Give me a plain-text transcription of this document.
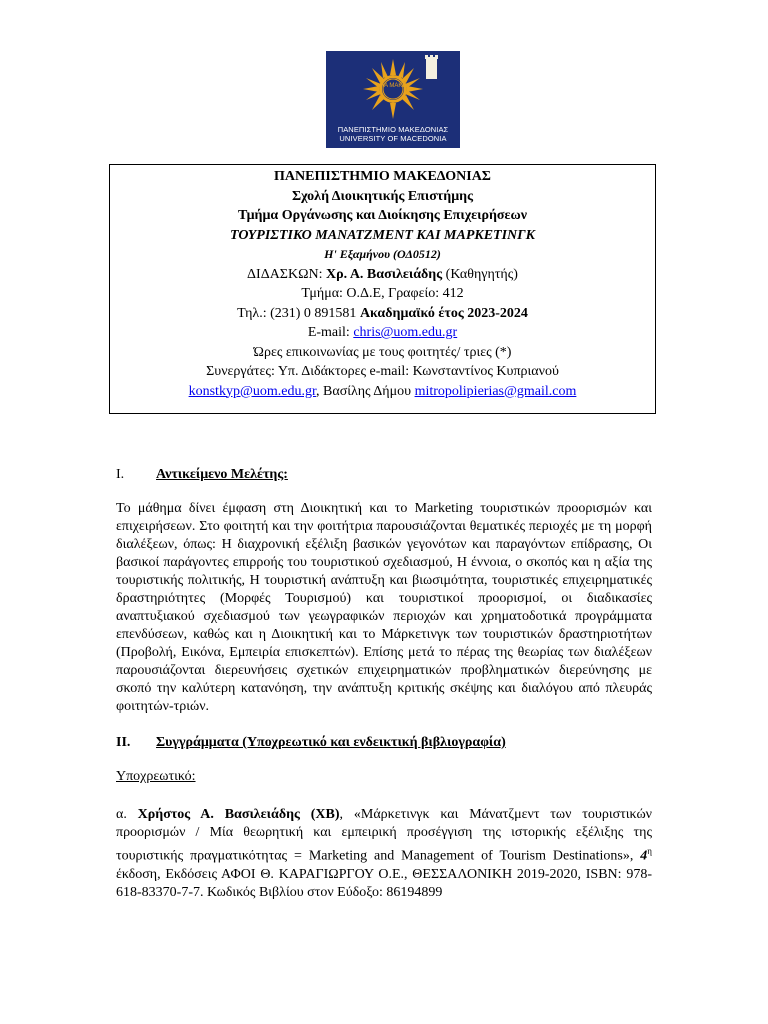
ΠΑ ΜΑΚΕ
ΠΑΝΕΠΙΣΤΗΜΙΟ ΜΑΚΕΔΟΝΙΑΣ
UNIVERSITY OF MACEDONIA
ΠΑΝΕΠΙΣΤΗΜΙΟ ΜΑΚΕΔΟΝΙΑΣ
Σχολή Διοικητικής Επιστήμης
Τμήμα Οργάνωσης και Διοίκησης Επιχειρήσεων
ΤΟΥΡΙΣΤΙΚΟ ΜΑΝΑΤΖΜΕΝΤ ΚΑΙ ΜΑΡΚΕΤΙΝΓΚ
Η' Εξαμήνου (ΟΔ0512)
ΔΙΔΑΣΚΩΝ: Χρ. Α. Βασιλειάδης (Καθηγητής)
Τμήμα: Ο.Δ.Ε, Γραφείο: 412
Τηλ.: (231) 0 891581 Ακαδημαϊκό έτος 2023-2024
E-mail: chris@uom.edu.gr
Ώρες επικοινωνίας με τους φοιτητές/ τριες (*)
Συνεργάτες: Υπ. Διδάκτορες e-mail: Κωνσταντίνος Κυπριανού
konstkyp@uom.edu.gr, Βασίλης Δήμου mitropolipierias@gmail.com
I.	Αντικείμενο Μελέτης:

Το μάθημα δίνει έμφαση στη Διοικητική και το Marketing τουριστικών προορισμών και επιχειρήσεων. Στο φοιτητή και την φοιτήτρια παρουσιάζονται θεματικές περιοχές με τη μορφή διαλέξεων, όπως: Η διαχρονική εξέλιξη βασικών γεγονότων και παραγόντων επίδρασης, Οι βασικοί παράγοντες επιρροής του τουριστικού σχεδιασμού, Η έννοια, ο σκοπός και η αξία της τουριστικής πολιτικής, Η τουριστική ανάπτυξη και βιωσιμότητα, τουριστικές επιχειρηματικές δραστηριότητες (Μορφές Τουρισμού) και τουριστικοί προορισμοί, οι διαδικασίες αναπτυξιακού σχεδιασμού των γεωγραφικών περιοχών και χρηματοδοτικά προγράμματα επενδύσεων, καθώς και η Διοικητική και το Μάρκετινγκ των τουριστικών δραστηριοτήτων (Προβολή, Εικόνα, Εμπειρία επισκεπτών). Επίσης μετά το πέρας της θεωρίας των διαλέξεων παρουσιάζονται διερευνήσεις σχετικών επιχειρηματικών προβληματικών διερεύνησης με σκοπό την καλύτερη κατανόηση, την ανάπτυξη κριτικής σκέψης και διαλόγου από πλευράς φοιτητών-τριών.

II.	Συγγράμματα (Υποχρεωτικό και ενδεικτική βιβλιογραφία)

Υποχρεωτικό:

α. Χρήστος Α. Βασιλειάδης (ΧΒ), «Μάρκετινγκ και Μάνατζμεντ των τουριστικών προορισμών / Μία θεωρητική και εμπειρική προσέγγιση της ιστορικής εξέλιξης της τουριστικής πραγματικότητας = Marketing and Management of Tourism Destinations», $4^\eta$ έκδοση, Εκδόσεις ΑΦΟΙ Θ. ΚΑΡΑΓΙΩΡΓΟΥ Ο.Ε., ΘΕΣΣΑΛΟΝΙΚΗ 2019-2020, ISBN: 978-618-83370-7-7. Κωδικός Βιβλίου στον Εύδοξο: 86194899
